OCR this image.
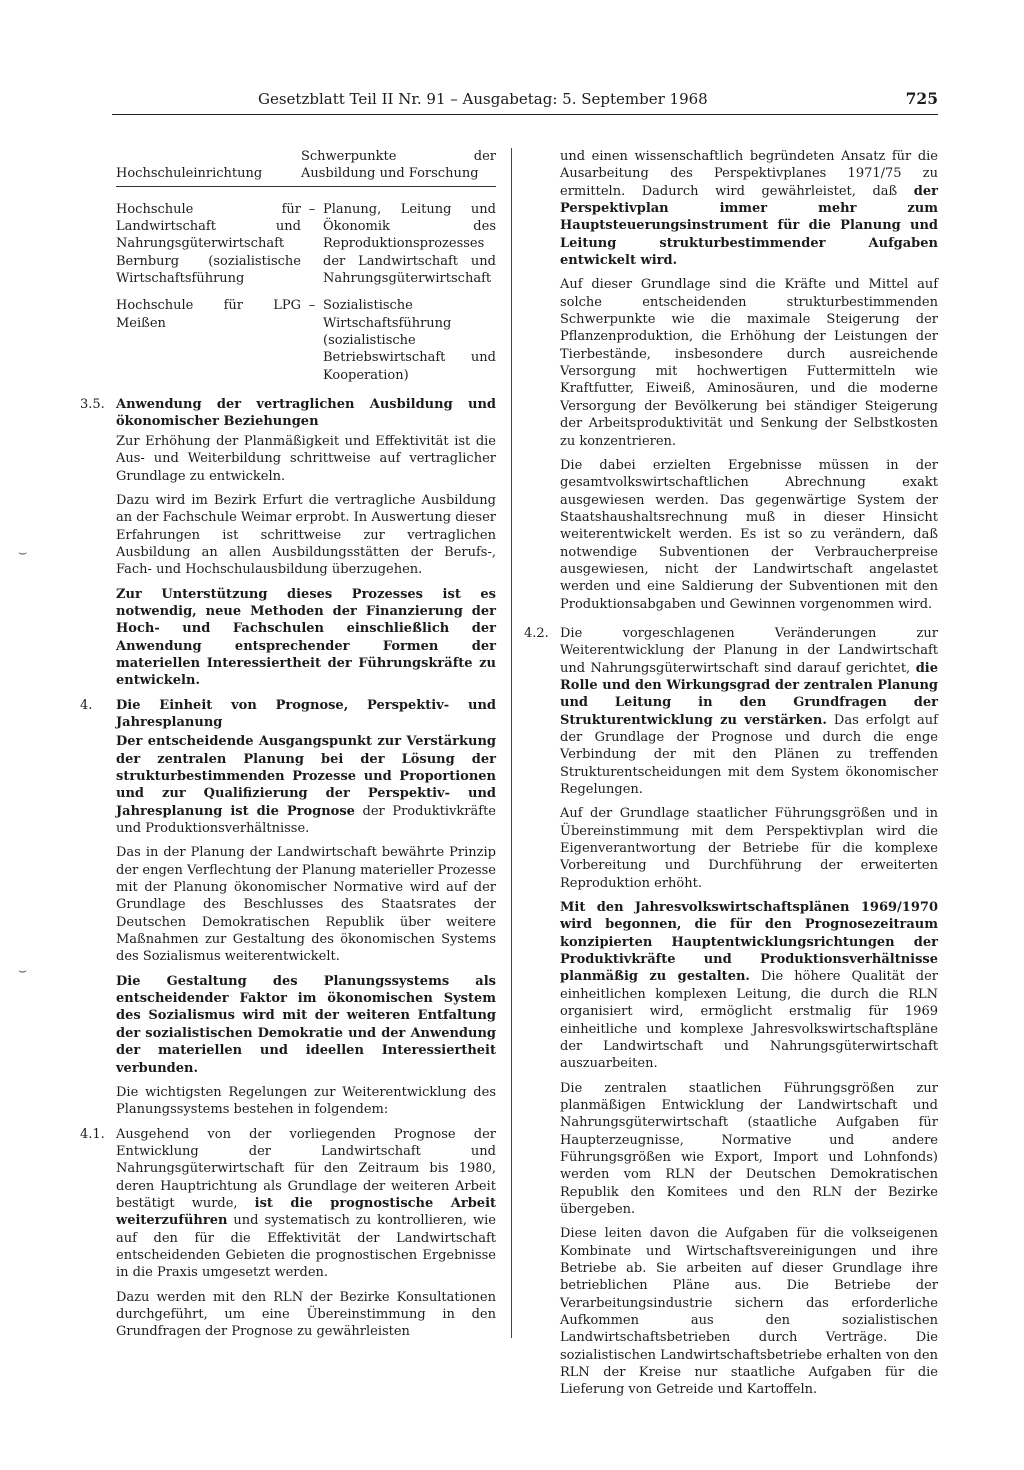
Gesetzblatt Teil II Nr. 91 – Ausgabetag: 5. September 1968	725
⌣
⌣
Hochschuleinrichtung
Schwerpunkte der Ausbildung und Forschung
Hochschule für Landwirtschaft und Nahrungsgüterwirtschaft Bernburg (sozialistische Wirtschaftsführung
– Planung, Leitung und Ökonomik des Reproduktionsprozesses der Landwirtschaft und Nahrungsgüterwirtschaft
Hochschule für LPG Meißen
– Sozialistische Wirtschaftsführung (sozialistische Betriebswirtschaft und Kooperation)
3.5. Anwendung der vertraglichen Ausbildung und ökonomischer Beziehungen

Zur Erhöhung der Planmäßigkeit und Effektivität ist die Aus- und Weiterbildung schrittweise auf vertraglicher Grundlage zu entwickeln.

Dazu wird im Bezirk Erfurt die vertragliche Ausbildung an der Fachschule Weimar erprobt. In Auswertung dieser Erfahrungen ist schrittweise zur vertraglichen Ausbildung an allen Ausbildungsstätten der Berufs-, Fach- und Hochschulausbildung überzugehen.

Zur Unterstützung dieses Prozesses ist es notwendig, neue Methoden der Finanzierung der Hoch- und Fachschulen einschließlich der Anwendung entsprechender Formen der materiellen Interessiertheit der Führungskräfte zu entwickeln.

4.	Die Einheit von Prognose, Perspektiv- und Jahresplanung

Der entscheidende Ausgangspunkt zur Verstärkung der zentralen Planung bei der Lösung der strukturbestimmenden Prozesse und Proportionen und zur Qualifizierung der Perspektiv- und Jahresplanung ist die Prognose der Produktivkräfte und Produktionsverhältnisse.

Das in der Planung der Landwirtschaft bewährte Prinzip der engen Verflechtung der Planung materieller Prozesse mit der Planung ökonomischer Normative wird auf der Grundlage des Beschlusses des Staatsrates der Deutschen Demokratischen Republik über weitere Maßnahmen zur Gestaltung des ökonomischen Systems des Sozialismus weiterentwickelt.

Die Gestaltung des Planungssystems als entscheidender Faktor im ökonomischen System des Sozialismus wird mit der weiteren Entfaltung der sozialistischen Demokratie und der Anwendung der materiellen und ideellen Interessiertheit verbunden.

Die wichtigsten Regelungen zur Weiterentwicklung des Planungssystems bestehen in folgendem:

4.1. Ausgehend von der vorliegenden Prognose der Entwicklung der Landwirtschaft und Nahrungsgüterwirtschaft für den Zeitraum bis 1980, deren Hauptrichtung als Grundlage der weiteren Arbeit bestätigt wurde, ist die prognostische Arbeit weiterzuführen und systematisch zu kontrollieren, wie auf den für die Effektivität der Landwirtschaft entscheidenden Gebieten die prognostischen Ergebnisse in die Praxis umgesetzt werden.

Dazu werden mit den RLN der Bezirke Konsultationen durchgeführt, um eine Übereinstimmung in den Grundfragen der Prognose zu gewährleisten

und einen wissenschaftlich begründeten Ansatz für die Ausarbeitung des Perspektivplanes 1971/75 zu ermitteln. Dadurch wird gewährleistet, daß der Perspektivplan immer mehr zum Hauptsteuerungsinstrument für die Planung und Leitung strukturbestimmender Aufgaben entwickelt wird.

Auf dieser Grundlage sind die Kräfte und Mittel auf solche entscheidenden strukturbestimmenden Schwerpunkte wie die maximale Steigerung der Pflanzenproduktion, die Erhöhung der Leistungen der Tierbestände, insbesondere durch ausreichende Versorgung mit hochwertigen Futtermitteln wie Kraftfutter, Eiweiß, Aminosäuren, und die moderne Versorgung der Bevölkerung bei ständiger Steigerung der Arbeitsproduktivität und Senkung der Selbstkosten zu konzentrieren.

Die dabei erzielten Ergebnisse müssen in der gesamtvolkswirtschaftlichen Abrechnung exakt ausgewiesen werden. Das gegenwärtige System der Staatshaushaltsrechnung muß in dieser Hinsicht weiterentwickelt werden. Es ist so zu verändern, daß notwendige Subventionen der Verbraucherpreise ausgewiesen, nicht der Landwirtschaft angelastet werden und eine Saldierung der Subventionen mit den Produktionsabgaben und Gewinnen vorgenommen wird.

4.2. Die vorgeschlagenen Veränderungen zur Weiterentwicklung der Planung in der Landwirtschaft und Nahrungsgüterwirtschaft sind darauf gerichtet, die Rolle und den Wirkungsgrad der zentralen Planung und Leitung in den Grundfragen der Strukturentwicklung zu verstärken. Das erfolgt auf der Grundlage der Prognose und durch die enge Verbindung der mit den Plänen zu treffenden Strukturentscheidungen mit dem System ökonomischer Regelungen.

Auf der Grundlage staatlicher Führungsgrößen und in Übereinstimmung mit dem Perspektivplan wird die Eigenverantwortung der Betriebe für die komplexe Vorbereitung und Durchführung der erweiterten Reproduktion erhöht.

Mit den Jahresvolkswirtschaftsplänen 1969/1970 wird begonnen, die für den Prognosezeitraum konzipierten Hauptentwicklungsrichtungen der Produktivkräfte und Produktionsverhältnisse planmäßig zu gestalten. Die höhere Qualität der einheitlichen komplexen Leitung, die durch die RLN organisiert wird, ermöglicht erstmalig für 1969 einheitliche und komplexe Jahresvolkswirtschaftspläne der Landwirtschaft und Nahrungsgüterwirtschaft auszuarbeiten.

Die zentralen staatlichen Führungsgrößen zur planmäßigen Entwicklung der Landwirtschaft und Nahrungsgüterwirtschaft (staatliche Aufgaben für Haupterzeugnisse, Normative und andere Führungsgrößen wie Export, Import und Lohnfonds) werden vom RLN der Deutschen Demokratischen Republik den Komitees und den RLN der Bezirke übergeben.

Diese leiten davon die Aufgaben für die volkseigenen Kombinate und Wirtschaftsvereinigungen und ihre Betriebe ab. Sie arbeiten auf dieser Grundlage ihre betrieblichen Pläne aus. Die Betriebe der Verarbeitungsindustrie sichern das erforderliche Aufkommen aus den sozialistischen Landwirtschaftsbetrieben durch Verträge. Die sozialistischen Landwirtschaftsbetriebe erhalten von den RLN der Kreise nur staatliche Aufgaben für die Lieferung von Getreide und Kartoffeln.
